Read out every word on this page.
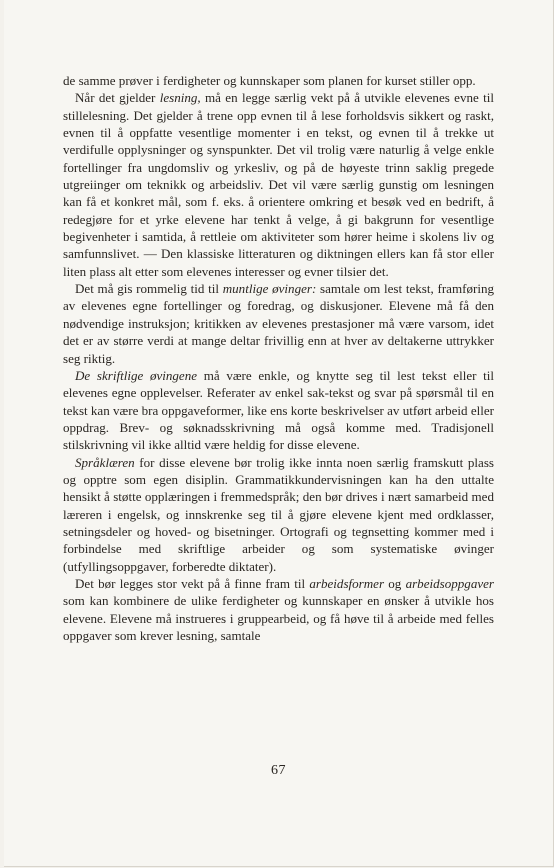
de samme prøver i ferdigheter og kunnskaper som planen for kurset stiller opp.

Når det gjelder lesning, må en legge særlig vekt på å utvikle elevenes evne til stillelesning. Det gjelder å trene opp evnen til å lese forholdsvis sikkert og raskt, evnen til å oppfatte vesentlige momenter i en tekst, og evnen til å trekke ut verdifulle opplysninger og synspunkter. Det vil trolig være naturlig å velge enkle fortellinger fra ungdomsliv og yrkesliv, og på de høyeste trinn saklig pregede utgreiinger om teknikk og arbeidsliv. Det vil være særlig gunstig om lesningen kan få et konkret mål, som f. eks. å orientere omkring et besøk ved en bedrift, å redegjøre for et yrke elevene har tenkt å velge, å gi bakgrunn for vesentlige begivenheter i samtida, å rettleie om aktiviteter som hører heime i skolens liv og samfunnslivet. — Den klassiske litteraturen og diktningen ellers kan få stor eller liten plass alt etter som elevenes interesser og evner tilsier det.

Det må gis rommelig tid til muntlige øvinger: samtale om lest tekst, framføring av elevenes egne fortellinger og foredrag, og diskusjoner. Elevene må få den nødvendige instruksjon; kritikken av elevenes prestasjoner må være varsom, idet det er av større verdi at mange deltar frivillig enn at hver av deltakerne uttrykker seg riktig.

De skriftlige øvingene må være enkle, og knytte seg til lest tekst eller til elevenes egne opplevelser. Referater av enkel sak-tekst og svar på spørsmål til en tekst kan være bra oppgaveformer, like ens korte beskrivelser av utført arbeid eller oppdrag. Brev- og søknadsskrivning må også komme med. Tradisjonell stilskrivning vil ikke alltid være heldig for disse elevene.

Språklæren for disse elevene bør trolig ikke innta noen særlig framskutt plass og opptre som egen disiplin. Grammatikkundervisningen kan ha den uttalte hensikt å støtte opplæringen i fremmedspråk; den bør drives i nært samarbeid med læreren i engelsk, og innskrenke seg til å gjøre elevene kjent med ordklasser, setningsdeler og hoved- og bisetninger. Ortografi og tegnsetting kommer med i forbindelse med skriftlige arbeider og som systematiske øvinger (utfyllingsoppgaver, forberedte diktater).

Det bør legges stor vekt på å finne fram til arbeidsformer og arbeidsoppgaver som kan kombinere de ulike ferdigheter og kunnskaper en ønsker å utvikle hos elevene. Elevene må instrueres i gruppearbeid, og få høve til å arbeide med felles oppgaver som krever lesning, samtale

67
